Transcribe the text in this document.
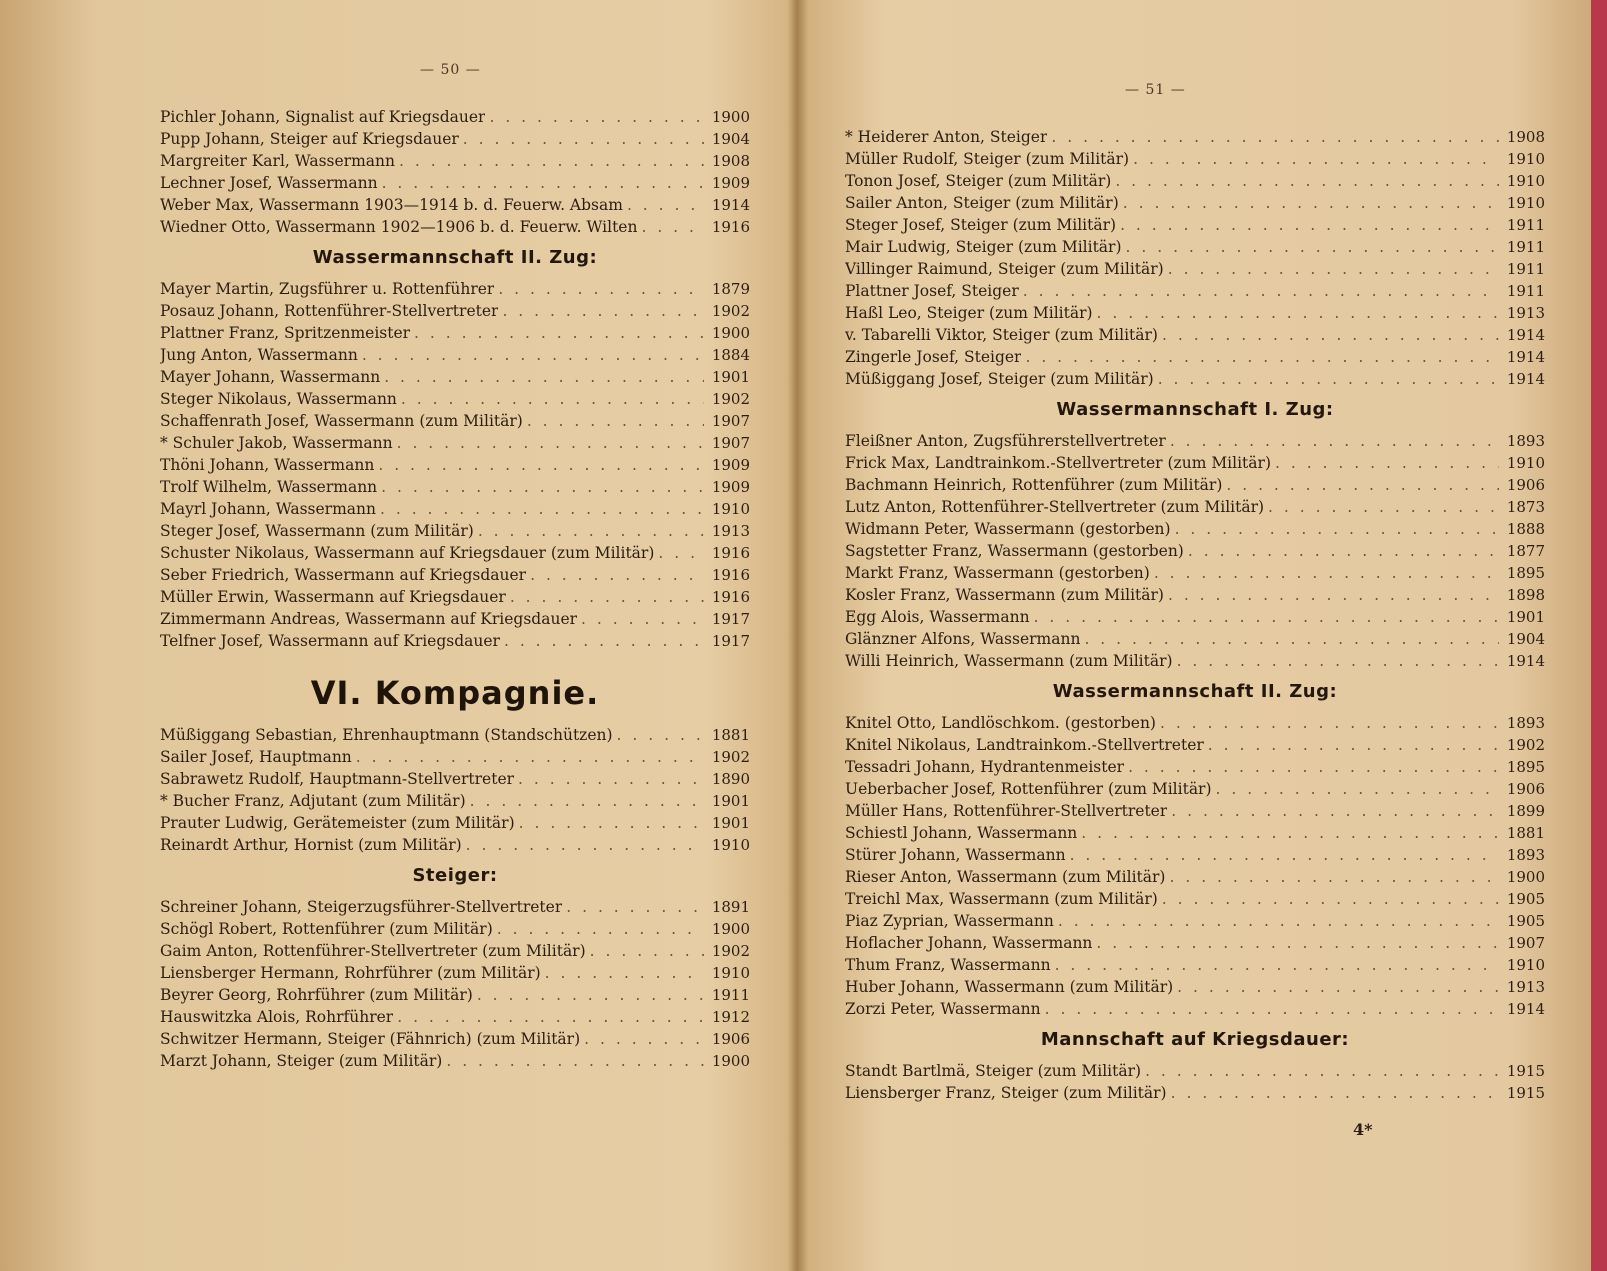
— 50 —
Pichler Johann, Signalist auf Kriegsdauer . . .	1900
Pupp Johann, Steiger auf Kriegsdauer . . .	1904
Margreiter Karl, Wassermann . . .	1908
Lechner Josef, Wassermann . . .	1909
Weber Max, Wassermann 1903—1914 b. d. Feuerw. Absam . . .	1914
Wiedner Otto, Wassermann 1902—1906 b. d. Feuerw. Wilten . . .	1916
Wassermannschaft II. Zug:
Mayer Martin, Zugsführer u. Rottenführer . . .	1879
Posauz Johann, Rottenführer-Stellvertreter . . .	1902
Plattner Franz, Spritzenmeister . . .	1900
Jung Anton, Wassermann . . .	1884
Mayer Johann, Wassermann . . .	1901
Steger Nikolaus, Wassermann . . .	1902
Schaffenrath Josef, Wassermann (zum Militär) . . .	1907
* Schuler Jakob, Wassermann . . .	1907
Thöni Johann, Wassermann . . .	1909
Trolf Wilhelm, Wassermann . . .	1909
Mayrl Johann, Wassermann . . .	1910
Steger Josef, Wassermann (zum Militär) . . .	1913
Schuster Nikolaus, Wassermann auf Kriegsdauer (zum Militär) . . .	1916
Seber Friedrich, Wassermann auf Kriegsdauer . . .	1916
Müller Erwin, Wassermann auf Kriegsdauer . . .	1916
Zimmermann Andreas, Wassermann auf Kriegsdauer . . .	1917
Telfner Josef, Wassermann auf Kriegsdauer . . .	1917
VI. Kompagnie.
Müßiggang Sebastian, Ehrenhauptmann (Standschützen) . . .	1881
Sailer Josef, Hauptmann . . .	1902
Sabrawetz Rudolf, Hauptmann-Stellvertreter . . .	1890
* Bucher Franz, Adjutant (zum Militär) . . .	1901
Prauter Ludwig, Gerätemeister (zum Militär) . . .	1901
Reinardt Arthur, Hornist (zum Militär) . . .	1910
Steiger:
Schreiner Johann, Steigerzugsführer-Stellvertreter . . .	1891
Schögl Robert, Rottenführer (zum Militär) . . .	1900
Gaim Anton, Rottenführer-Stellvertreter (zum Militär) . . .	1902
Liensberger Hermann, Rohrführer (zum Militär) . . .	1910
Beyrer Georg, Rohrführer (zum Militär) . . .	1911
Hauswitzka Alois, Rohrführer . . .	1912
Schwitzer Hermann, Steiger (Fähnrich) (zum Militär) . . .	1906
Marzt Johann, Steiger (zum Militär) . . .	1900
— 51 —
* Heiderer Anton, Steiger . . .	1908
Müller Rudolf, Steiger (zum Militär) . . .	1910
Tonon Josef, Steiger (zum Militär) . . .	1910
Sailer Anton, Steiger (zum Militär) . . .	1910
Steger Josef, Steiger (zum Militär) . . .	1911
Mair Ludwig, Steiger (zum Militär) . . .	1911
Villinger Raimund, Steiger (zum Militär) . . .	1911
Plattner Josef, Steiger . . .	1911
Haßl Leo, Steiger (zum Militär) . . .	1913
v. Tabarelli Viktor, Steiger (zum Militär) . . .	1914
Zingerle Josef, Steiger . . .	1914
Müßiggang Josef, Steiger (zum Militär) . . .	1914
Wassermannschaft I. Zug:
Fleißner Anton, Zugsführerstellvertreter . . .	1893
Frick Max, Landtrainkom.-Stellvertreter (zum Militär) . . .	1910
Bachmann Heinrich, Rottenführer (zum Militär) . . .	1906
Lutz Anton, Rottenführer-Stellvertreter (zum Militär) . . .	1873
Widmann Peter, Wassermann (gestorben) . . .	1888
Sagstetter Franz, Wassermann (gestorben) . . .	1877
Markt Franz, Wassermann (gestorben) . . .	1895
Kosler Franz, Wassermann (zum Militär) . . .	1898
Egg Alois, Wassermann . . .	1901
Glänzner Alfons, Wassermann . . .	1904
Willi Heinrich, Wassermann (zum Militär) . . .	1914
Wassermannschaft II. Zug:
Knitel Otto, Landlöschkom. (gestorben) . . .	1893
Knitel Nikolaus, Landtrainkom.-Stellvertreter . . .	1902
Tessadri Johann, Hydrantenmeister . . .	1895
Ueberbacher Josef, Rottenführer (zum Militär) . . .	1906
Müller Hans, Rottenführer-Stellvertreter . . .	1899
Schiestl Johann, Wassermann . . .	1881
Stürer Johann, Wassermann . . .	1893
Rieser Anton, Wassermann (zum Militär) . . .	1900
Treichl Max, Wassermann (zum Militär) . . .	1905
Piaz Zyprian, Wassermann . . .	1905
Hoflacher Johann, Wassermann . . .	1907
Thum Franz, Wassermann . . .	1910
Huber Johann, Wassermann (zum Militär) . . .	1913
Zorzi Peter, Wassermann . . .	1914
Mannschaft auf Kriegsdauer:
Standt Bartlmä, Steiger (zum Militär) . . .	1915
Liensberger Franz, Steiger (zum Militär) . . .	1915
4*
